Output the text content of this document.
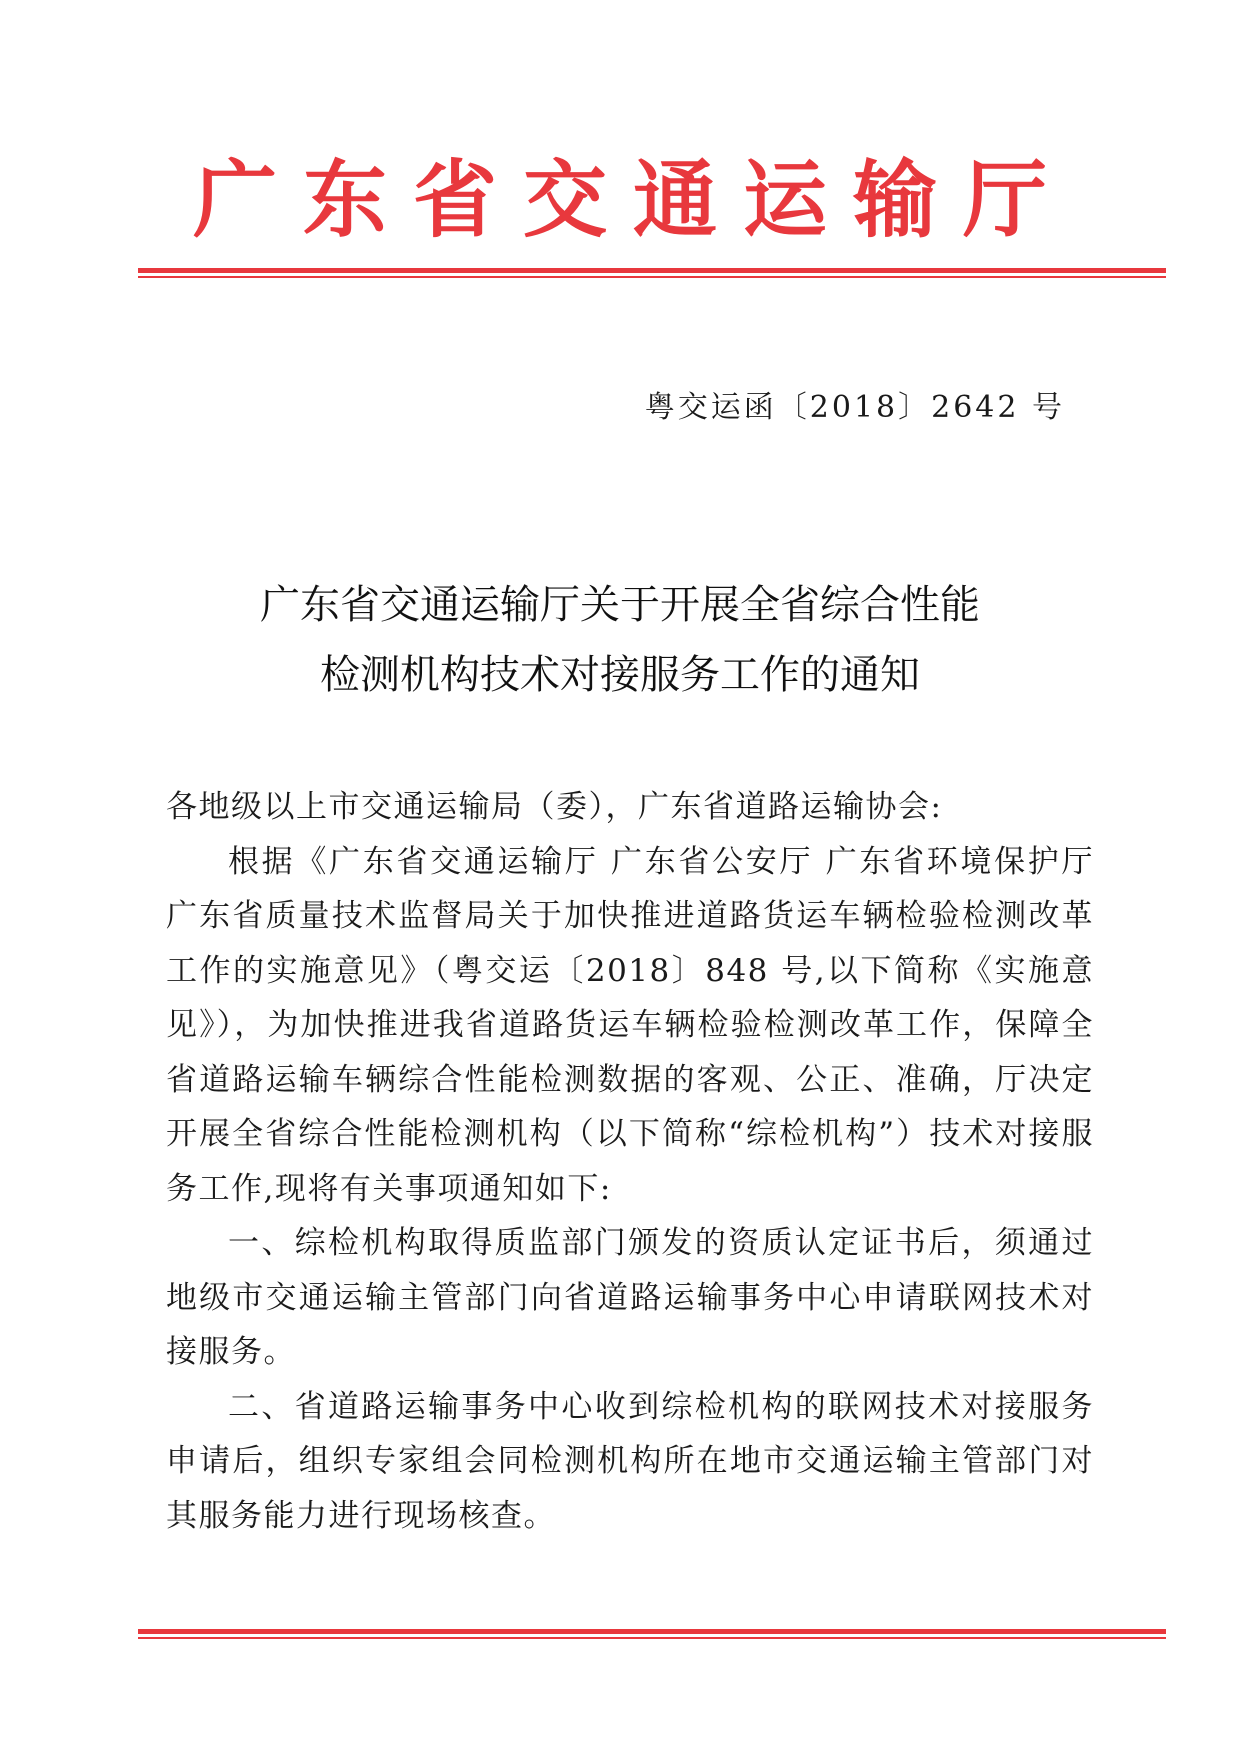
广东省交通运输厅
粤交运函〔2018〕2642 号
广东省交通运输厅关于开展全省综合性能
检测机构技术对接服务工作的通知

各地级以上市交通运输局（委），广东省道路运输协会:

根据《广东省交通运输厅 广东省公安厅 广东省环境保护厅 广东省质量技术监督局关于加快推进道路货运车辆检验检测改革工作的实施意见》（粤交运〔2018〕848 号,以下简称《实施意见》），为加快推进我省道路货运车辆检验检测改革工作，保障全省道路运输车辆综合性能检测数据的客观、公正、准确，厅决定开展全省综合性能检测机构（以下简称“综检机构”）技术对接服务工作,现将有关事项通知如下:

一、综检机构取得质监部门颁发的资质认定证书后，须通过地级市交通运输主管部门向省道路运输事务中心申请联网技术对接服务。

二、省道路运输事务中心收到综检机构的联网技术对接服务申请后，组织专家组会同检测机构所在地市交通运输主管部门对其服务能力进行现场核查。
